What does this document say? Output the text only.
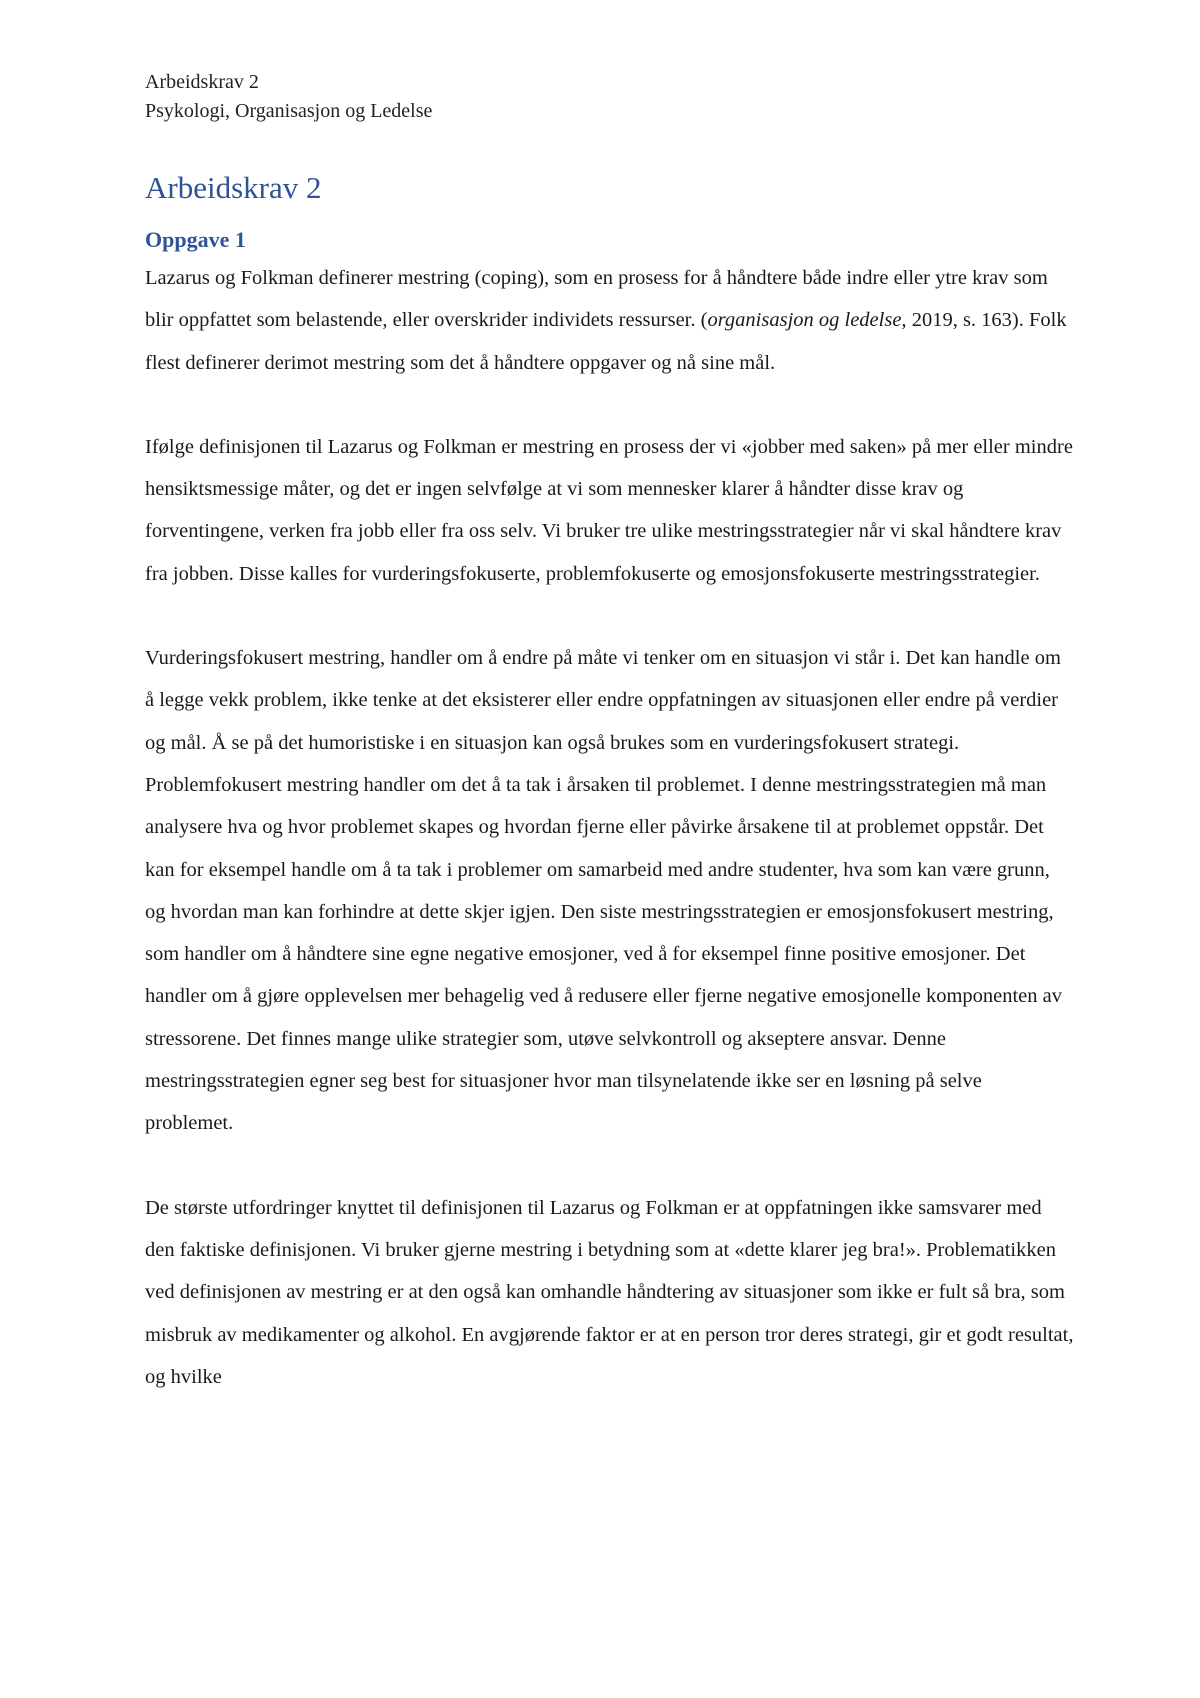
Arbeidskrav 2
Psykologi, Organisasjon og Ledelse
Arbeidskrav 2
Oppgave 1

Lazarus og Folkman definerer mestring (coping), som en prosess for å håndtere både indre eller ytre krav som blir oppfattet som belastende, eller overskrider individets ressurser. (organisasjon og ledelse, 2019, s. 163). Folk flest definerer derimot mestring som det å håndtere oppgaver og nå sine mål.

Ifølge definisjonen til Lazarus og Folkman er mestring en prosess der vi «jobber med saken» på mer eller mindre hensiktsmessige måter, og det er ingen selvfølge at vi som mennesker klarer å håndter disse krav og forventingene, verken fra jobb eller fra oss selv. Vi bruker tre ulike mestringsstrategier når vi skal håndtere krav fra jobben. Disse kalles for vurderingsfokuserte, problemfokuserte og emosjonsfokuserte mestringsstrategier.

Vurderingsfokusert mestring, handler om å endre på måte vi tenker om en situasjon vi står i. Det kan handle om å legge vekk problem, ikke tenke at det eksisterer eller endre oppfatningen av situasjonen eller endre på verdier og mål. Å se på det humoristiske i en situasjon kan også brukes som en vurderingsfokusert strategi. Problemfokusert mestring handler om det å ta tak i årsaken til problemet. I denne mestringsstrategien må man analysere hva og hvor problemet skapes og hvordan fjerne eller påvirke årsakene til at problemet oppstår. Det kan for eksempel handle om å ta tak i problemer om samarbeid med andre studenter, hva som kan være grunn, og hvordan man kan forhindre at dette skjer igjen. Den siste mestringsstrategien er emosjonsfokusert mestring, som handler om å håndtere sine egne negative emosjoner, ved å for eksempel finne positive emosjoner. Det handler om å gjøre opplevelsen mer behagelig ved å redusere eller fjerne negative emosjonelle komponenten av stressorene. Det finnes mange ulike strategier som, utøve selvkontroll og akseptere ansvar. Denne mestringsstrategien egner seg best for situasjoner hvor man tilsynelatende ikke ser en løsning på selve problemet.

De største utfordringer knyttet til definisjonen til Lazarus og Folkman er at oppfatningen ikke samsvarer med den faktiske definisjonen. Vi bruker gjerne mestring i betydning som at «dette klarer jeg bra!». Problematikken ved definisjonen av mestring er at den også kan omhandle håndtering av situasjoner som ikke er fult så bra, som misbruk av medikamenter og alkohol. En avgjørende faktor er at en person tror deres strategi, gir et godt resultat, og hvilke
